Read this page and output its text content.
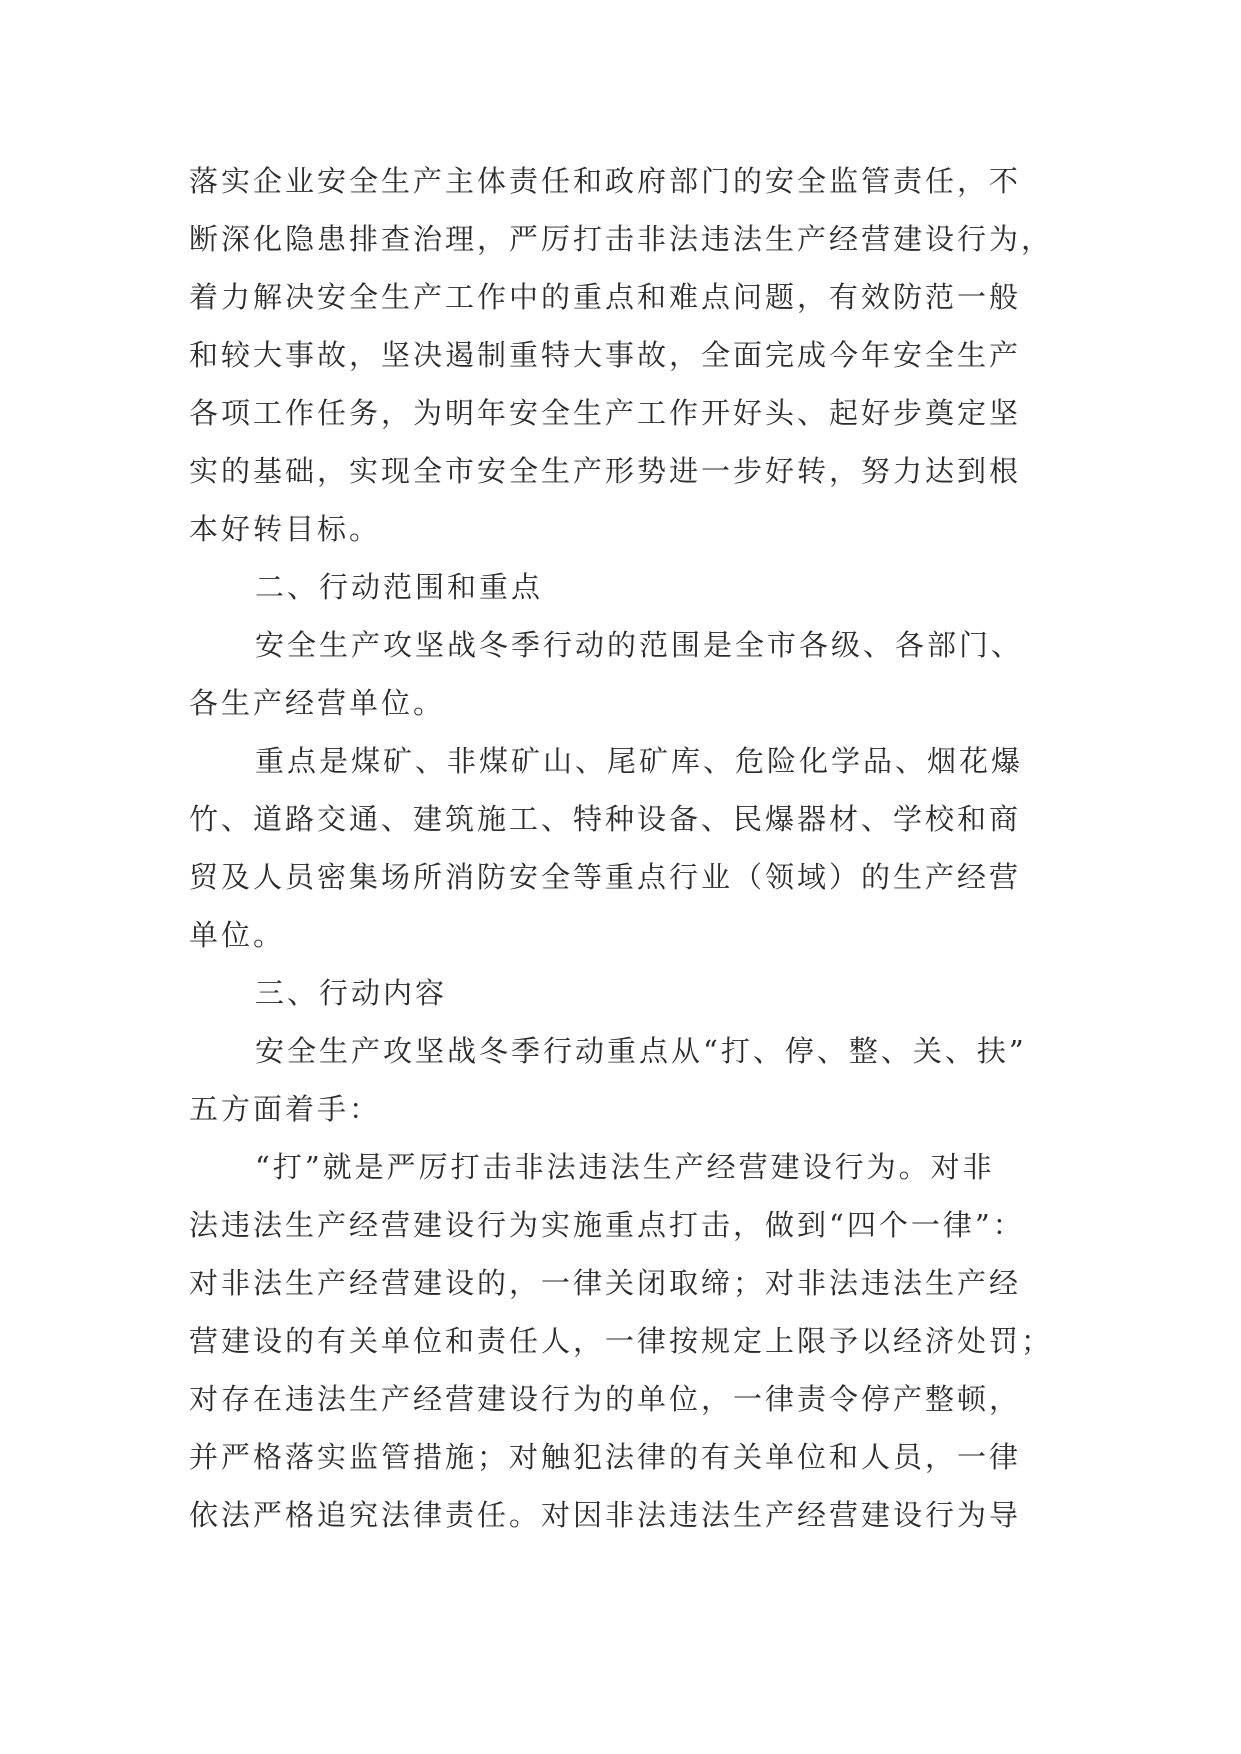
落实企业安全生产主体责任和政府部门的安全监管责任，不
断深化隐患排查治理，严厉打击非法违法生产经营建设行为，
着力解决安全生产工作中的重点和难点问题，有效防范一般
和较大事故，坚决遏制重特大事故，全面完成今年安全生产
各项工作任务，为明年安全生产工作开好头、起好步奠定坚
实的基础，实现全市安全生产形势进一步好转，努力达到根
本好转目标。
二、行动范围和重点
安全生产攻坚战冬季行动的范围是全市各级、各部门、
各生产经营单位。
重点是煤矿、非煤矿山、尾矿库、危险化学品、烟花爆
竹、道路交通、建筑施工、特种设备、民爆器材、学校和商
贸及人员密集场所消防安全等重点行业（领域）的生产经营
单位。
三、行动内容
安全生产攻坚战冬季行动重点从“打、停、整、关、扶”
五方面着手：
“打”就是严厉打击非法违法生产经营建设行为。对非
法违法生产经营建设行为实施重点打击，做到“四个一律”：
对非法生产经营建设的，一律关闭取缔；对非法违法生产经
营建设的有关单位和责任人，一律按规定上限予以经济处罚；
对存在违法生产经营建设行为的单位，一律责令停产整顿，
并严格落实监管措施；对触犯法律的有关单位和人员，一律
依法严格追究法律责任。对因非法违法生产经营建设行为导
